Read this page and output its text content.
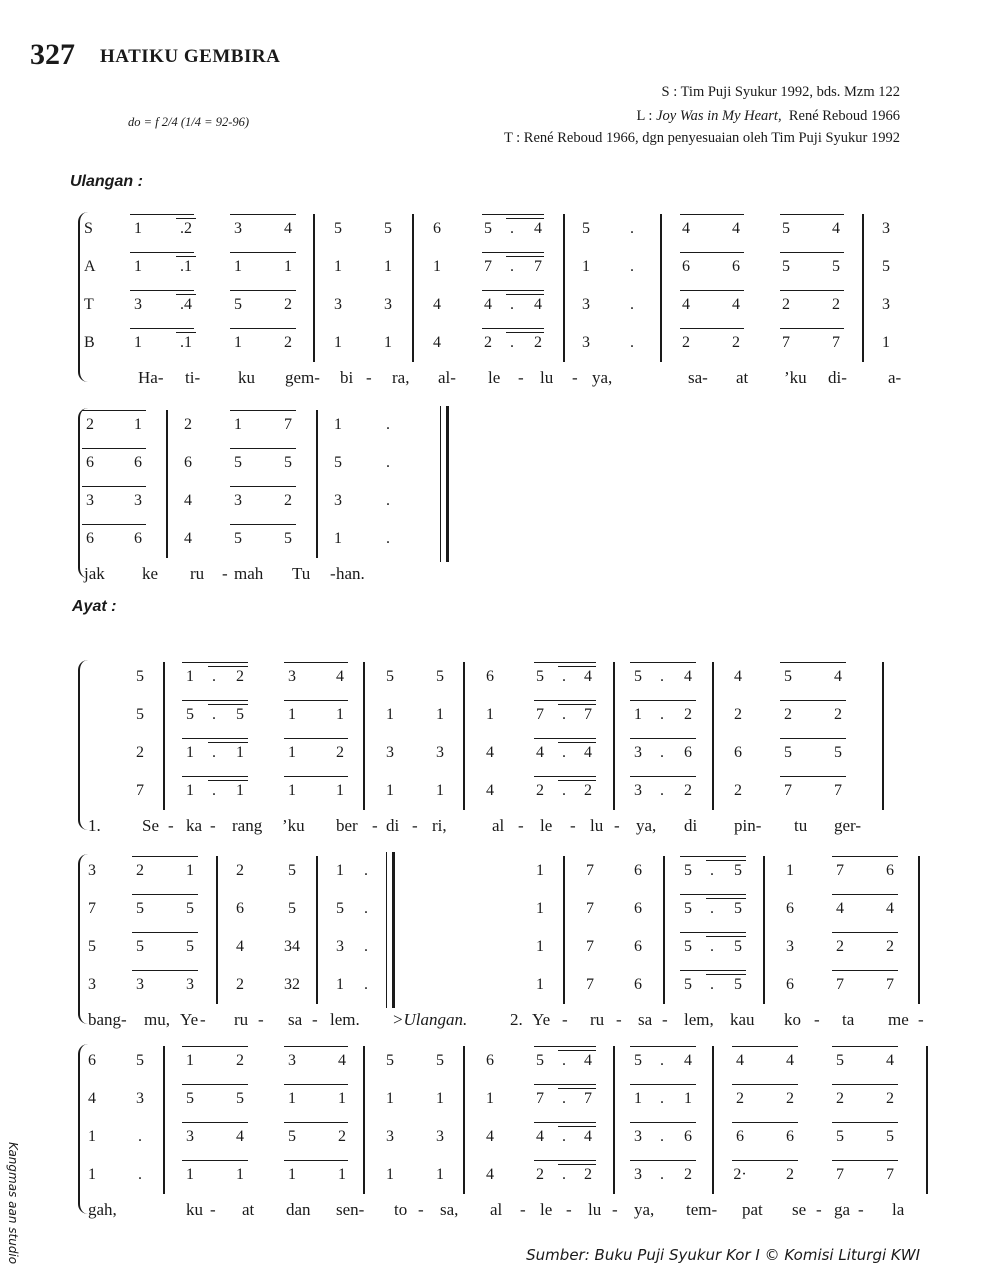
327 HATIKU GEMBIRA
S : Tim Puji Syukur 1992, bds. Mzm 122
L : Joy Was in My Heart, René Reboud 1966
T : René Reboud 1966, dgn penyesuaian oleh Tim Puji Syukur 1992
do = f 2/4 (1/4 = 92-96)
Ulangan :
Ayat :
S
A
T
B
1 .2	3	4	5	5	6	5 . 4	5	.	4	4	5	4	3
1 .1	1	1	1	1	1	7 . 7	1	.	6	6	5	5	5
3 .4	5	2	3	3	4	4 . 4	3	.	4	4	2	2	3
1 .1	1	2	1	1	4	2 . 2	3	.	2	2	7	7	1
Ha- ti- ku gem- bi - ra, al- le - lu - ya,	sa- at ’ku di- a-
2	1	2	1	7	1	.
6	6	6	5	5	5	.
3	3	4	3	2	3	.
6	6	4	5	5	1	.
jak ke ru - mah Tu - han.
5	1 . 2	3	4	5	5	6	5 . 4	5 . 4	4	5	4
5	5 . 5	1	1	1	1	1	7 . 7	1 . 2	2	2	2
2	1 . 1	1	2	3	3	4	4 . 4	3 . 6	6	5	5
7	1 . 1	1	1	1	1	4	2 . 2	3 . 2	2	7	7
1. Se - ka - rang ’ku ber - di - ri,	al - le - lu - ya, di pin- tu ger-
3	2	1	2	5	1 .	1	7	6	5 . 5	1	7	6
7	5	5	6	5	5 .	1	7	6	5 . 5	6	4	4
5	5	5	4	34 3 .	1	7	6	5 . 5	3	2	2
3	3	3	2	32 1 .	1	7	6	5 . 5	6	7	7
bang- mu, Ye - ru - sa - lem. >Ulangan.	2. Ye - ru - sa - lem, kau ko - ta me -
6	5	1	2	3	4	5	5	6	5 . 4	5 . 4	4	4	5	4
4	3	5	5	1	1	1	1	1	7 . 7	1 . 1	2	2	2	2
1	.	3	4	5	2	3	3	4	4 . 4	3 . 6	6	6	5	5
1	.	1	1	1	1	1	1	4	2 . 2	3 . 2	2· 2	7	7
gah,	ku - at dan sen- to - sa, al - le - lu - ya, tem- pat se - ga - la
Sumber: Buku Puji Syukur Kor I © Komisi Liturgi KWI
Kangmas aan studio
